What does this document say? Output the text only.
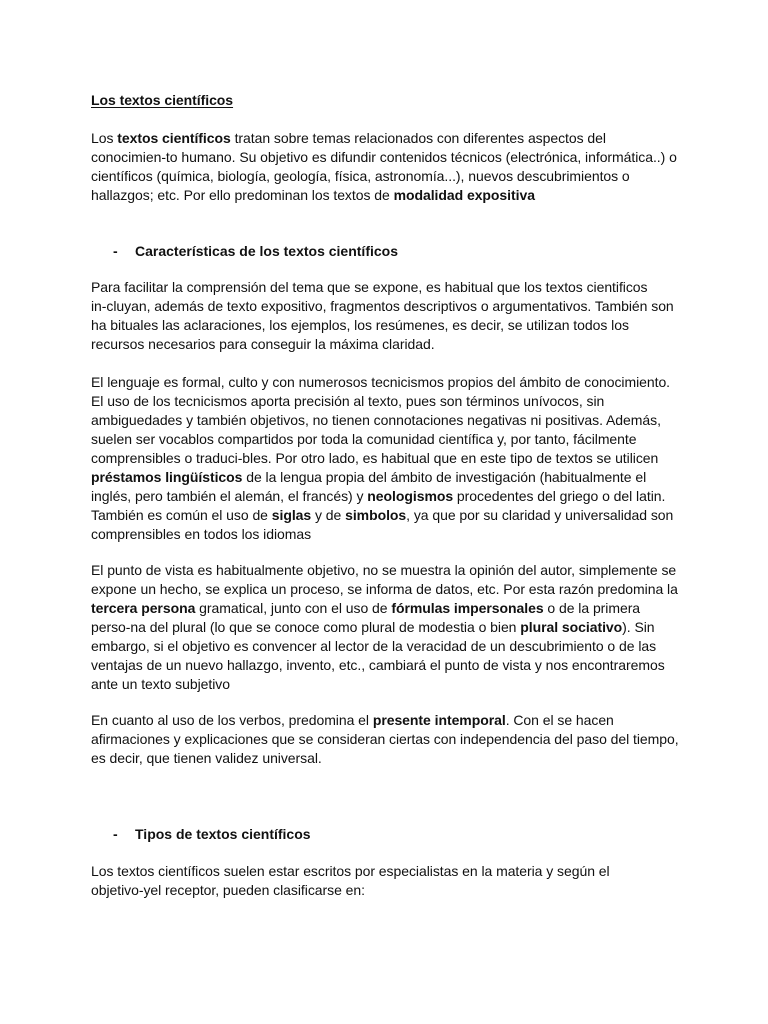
Los textos científicos
Los textos científicos tratan sobre temas relacionados con diferentes aspectos del
conocimien-to humano. Su objetivo es difundir contenidos técnicos (electrónica, informática..) o
científicos (química, biología, geología, física, astronomía...), nuevos descubrimientos o
hallazgos; etc. Por ello predominan los textos de modalidad expositiva
- Características de los textos científicos
Para facilitar la comprensión del tema que se expone, es habitual que los textos cientificos
in-cluyan, además de texto expositivo, fragmentos descriptivos o argumentativos. También son
ha bituales las aclaraciones, los ejemplos, los resúmenes, es decir, se utilizan todos los
recursos necesarios para conseguir la máxima claridad.
El lenguaje es formal, culto y con numerosos tecnicismos propios del ámbito de conocimiento.
El uso de los tecnicismos aporta precisión al texto, pues son términos unívocos, sin
ambiguedades y también objetivos, no tienen connotaciones negativas ni positivas. Además,
suelen ser vocablos compartidos por toda la comunidad científica y, por tanto, fácilmente
comprensibles o traduci-bles. Por otro lado, es habitual que en este tipo de textos se utilicen
préstamos lingüísticos de la lengua propia del ámbito de investigación (habitualmente el
inglés, pero también el alemán, el francés) y neologismos procedentes del griego o del latin.
También es común el uso de siglas y de simbolos, ya que por su claridad y universalidad son
comprensibles en todos los idiomas
El punto de vista es habitualmente objetivo, no se muestra la opinión del autor, simplemente se
expone un hecho, se explica un proceso, se informa de datos, etc. Por esta razón predomina la
tercera persona gramatical, junto con el uso de fórmulas impersonales o de la primera
perso-na del plural (lo que se conoce como plural de modestia o bien plural sociativo). Sin
embargo, si el objetivo es convencer al lector de la veracidad de un descubrimiento o de las
ventajas de un nuevo hallazgo, invento, etc., cambiará el punto de vista y nos encontraremos
ante un texto subjetivo
En cuanto al uso de los verbos, predomina el presente intemporal. Con el se hacen
afirmaciones y explicaciones que se consideran ciertas con independencia del paso del tiempo,
es decir, que tienen validez universal.
- Tipos de textos científicos
Los textos científicos suelen estar escritos por especialistas en la materia y según el
objetivo-yel receptor, pueden clasificarse en:
